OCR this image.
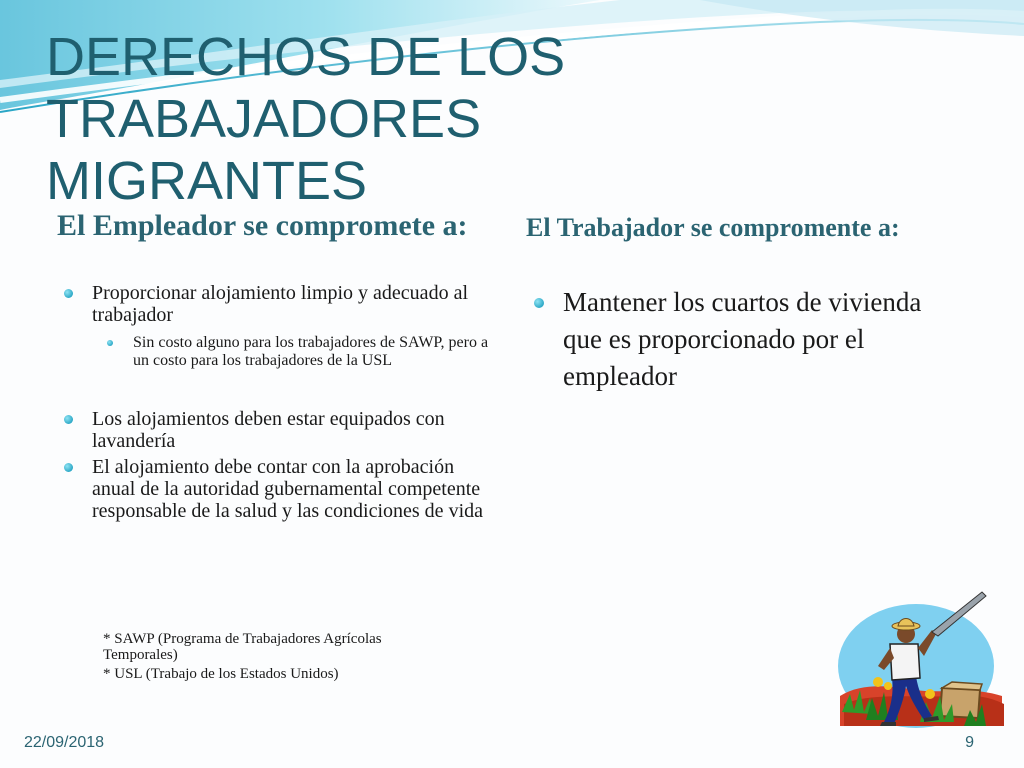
DERECHOS DE LOS TRABAJADORES
MIGRANTES
El Empleador se compromete a:	El Trabajador se compromente a:
Proporcionar alojamiento limpio y adecuado al trabajador
Sin costo alguno para los trabajadores de SAWP, pero a un costo para los trabajadores de la USL
Los alojamientos deben estar equipados con lavandería
El alojamiento debe contar con la aprobación anual de la autoridad gubernamental competente responsable de la salud y las condiciones de vida
* SAWP (Programa de Trabajadores Agrícolas Temporales)
* USL (Trabajo de los Estados Unidos)
Mantener los cuartos de vivienda que es proporcionado por el empleador
22/09/2018	9
